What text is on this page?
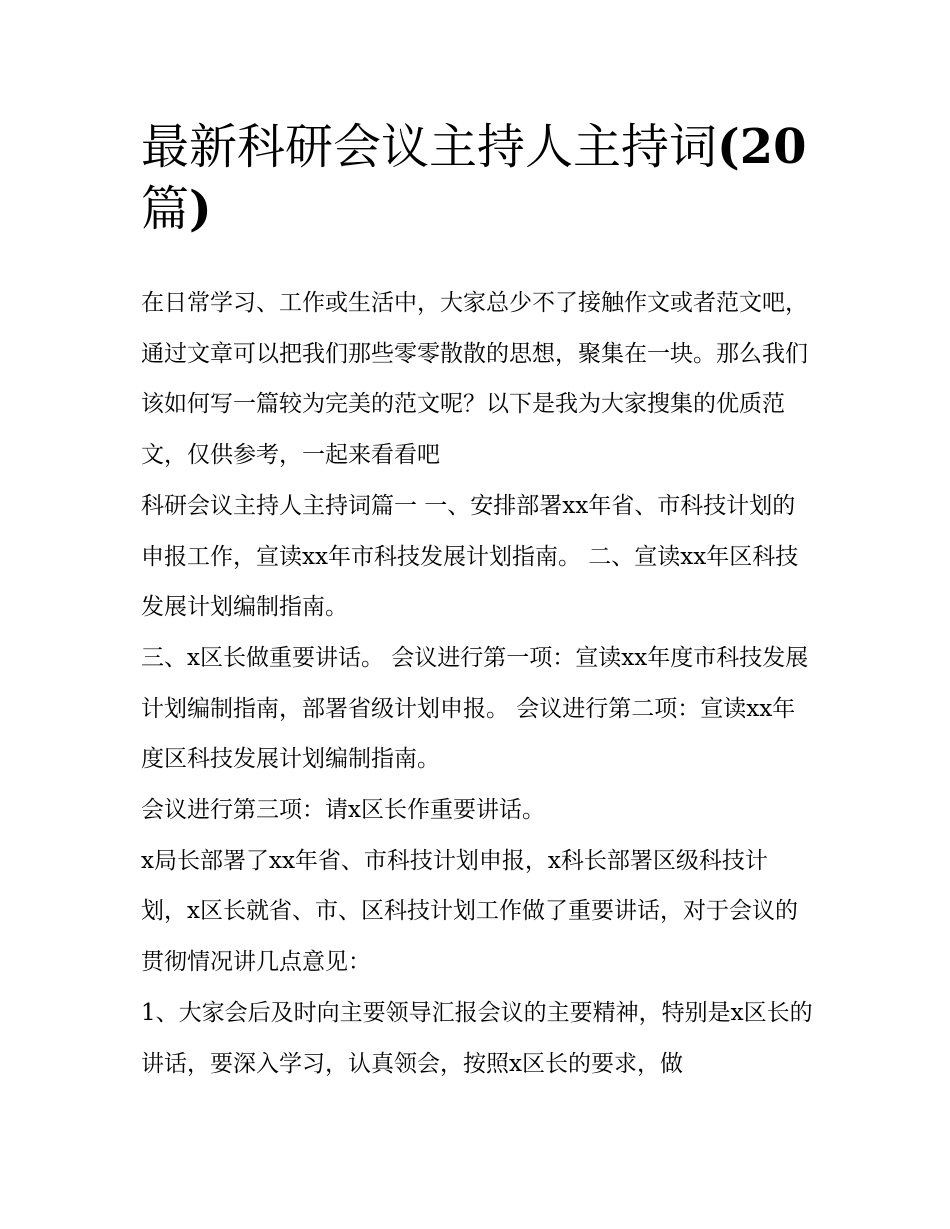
最新科研会议主持人主持词(20
篇)

在日常学习、工作或生活中，大家总少不了接触作文或者范文吧，通过文章可以把我们那些零零散散的思想，聚集在一块。那么我们该如何写一篇较为完美的范文呢？以下是我为大家搜集的优质范文，仅供参考，一起来看看吧

科研会议主持人主持词篇一 一、安排部署xx年省、市科技计划的申报工作，宣读xx年市科技发展计划指南。 二、宣读xx年区科技发展计划编制指南。

三、x区长做重要讲话。 会议进行第一项：宣读xx年度市科技发展计划编制指南，部署省级计划申报。 会议进行第二项：宣读xx年度区科技发展计划编制指南。

会议进行第三项：请x区长作重要讲话。

x局长部署了xx年省、市科技计划申报，x科长部署区级科技计划，x区长就省、市、区科技计划工作做了重要讲话，对于会议的贯彻情况讲几点意见：

1、大家会后及时向主要领导汇报会议的主要精神，特别是x区长的讲话，要深入学习，认真领会，按照x区长的要求，做
